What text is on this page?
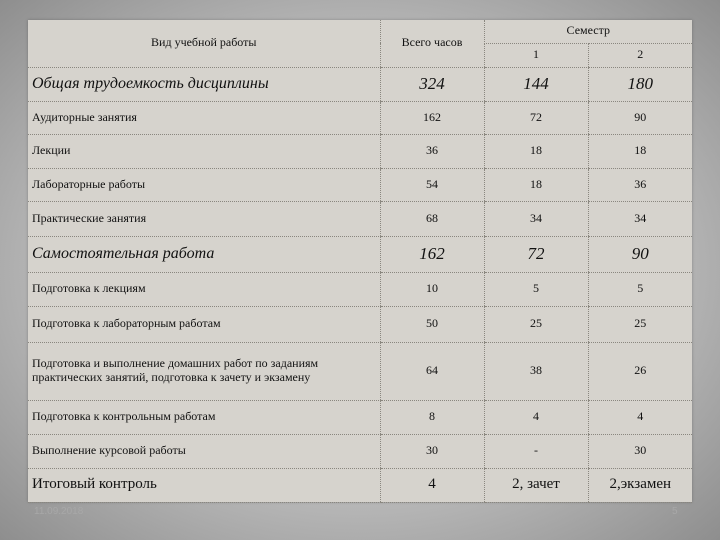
Вид учебной работы	Всего часов	Семестр	
		1	2
Общая трудоемкость дисциплины	324	144	180
Аудиторные занятия	162	72	90
Лекции	36	18	18
Лабораторные работы	54	18	36
Практические занятия	68	34	34
Самостоятельная работа	162	72	90
Подготовка к лекциям	10	5	5
Подготовка к лабораторным работам	50	25	25
Подготовка и выполнение домашних работ по заданиям практических занятий, подготовка к зачету и экзамену	64	38	26
Подготовка к контрольным работам	8	4	4
Выполнение курсовой работы	30	-	30
Итоговый контроль	4	2, зачет	2,экзамен
11.09.2018	5
